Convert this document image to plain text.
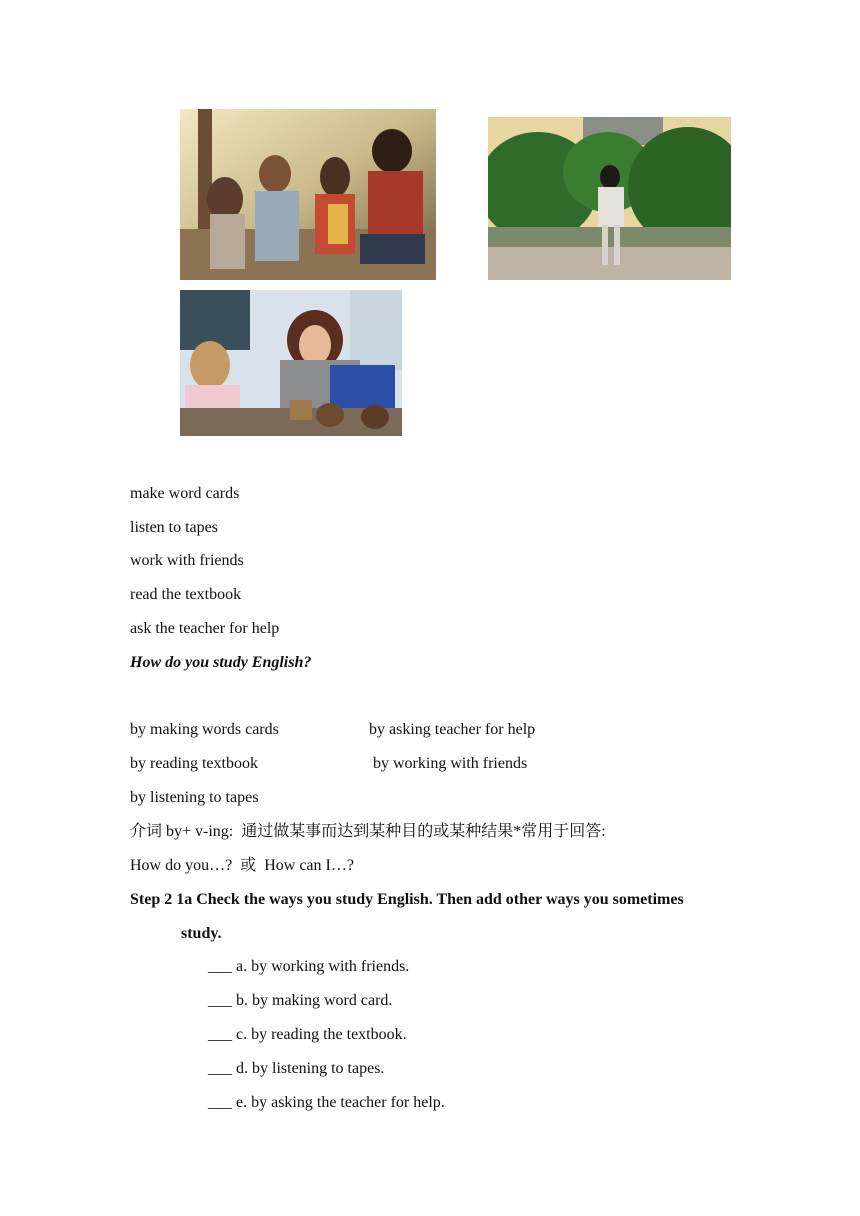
make word cards
listen to tapes
work with friends
read the textbook
ask the teacher for help
How do you study English?
by making words cards	by asking teacher for help
by reading textbook	by working with friends
by listening to tapes
介词 by+ v-ing:  通过做某事而达到某种目的或某种结果*常用于回答:
How do you…?  或  How can I…?
Step 2 1a Check the ways you study English. Then add other ways you sometimes
study.
___ a. by working with friends.
___ b. by making word card.
___ c. by reading the textbook.
___ d. by listening to tapes.
___ e. by asking the teacher for help.
